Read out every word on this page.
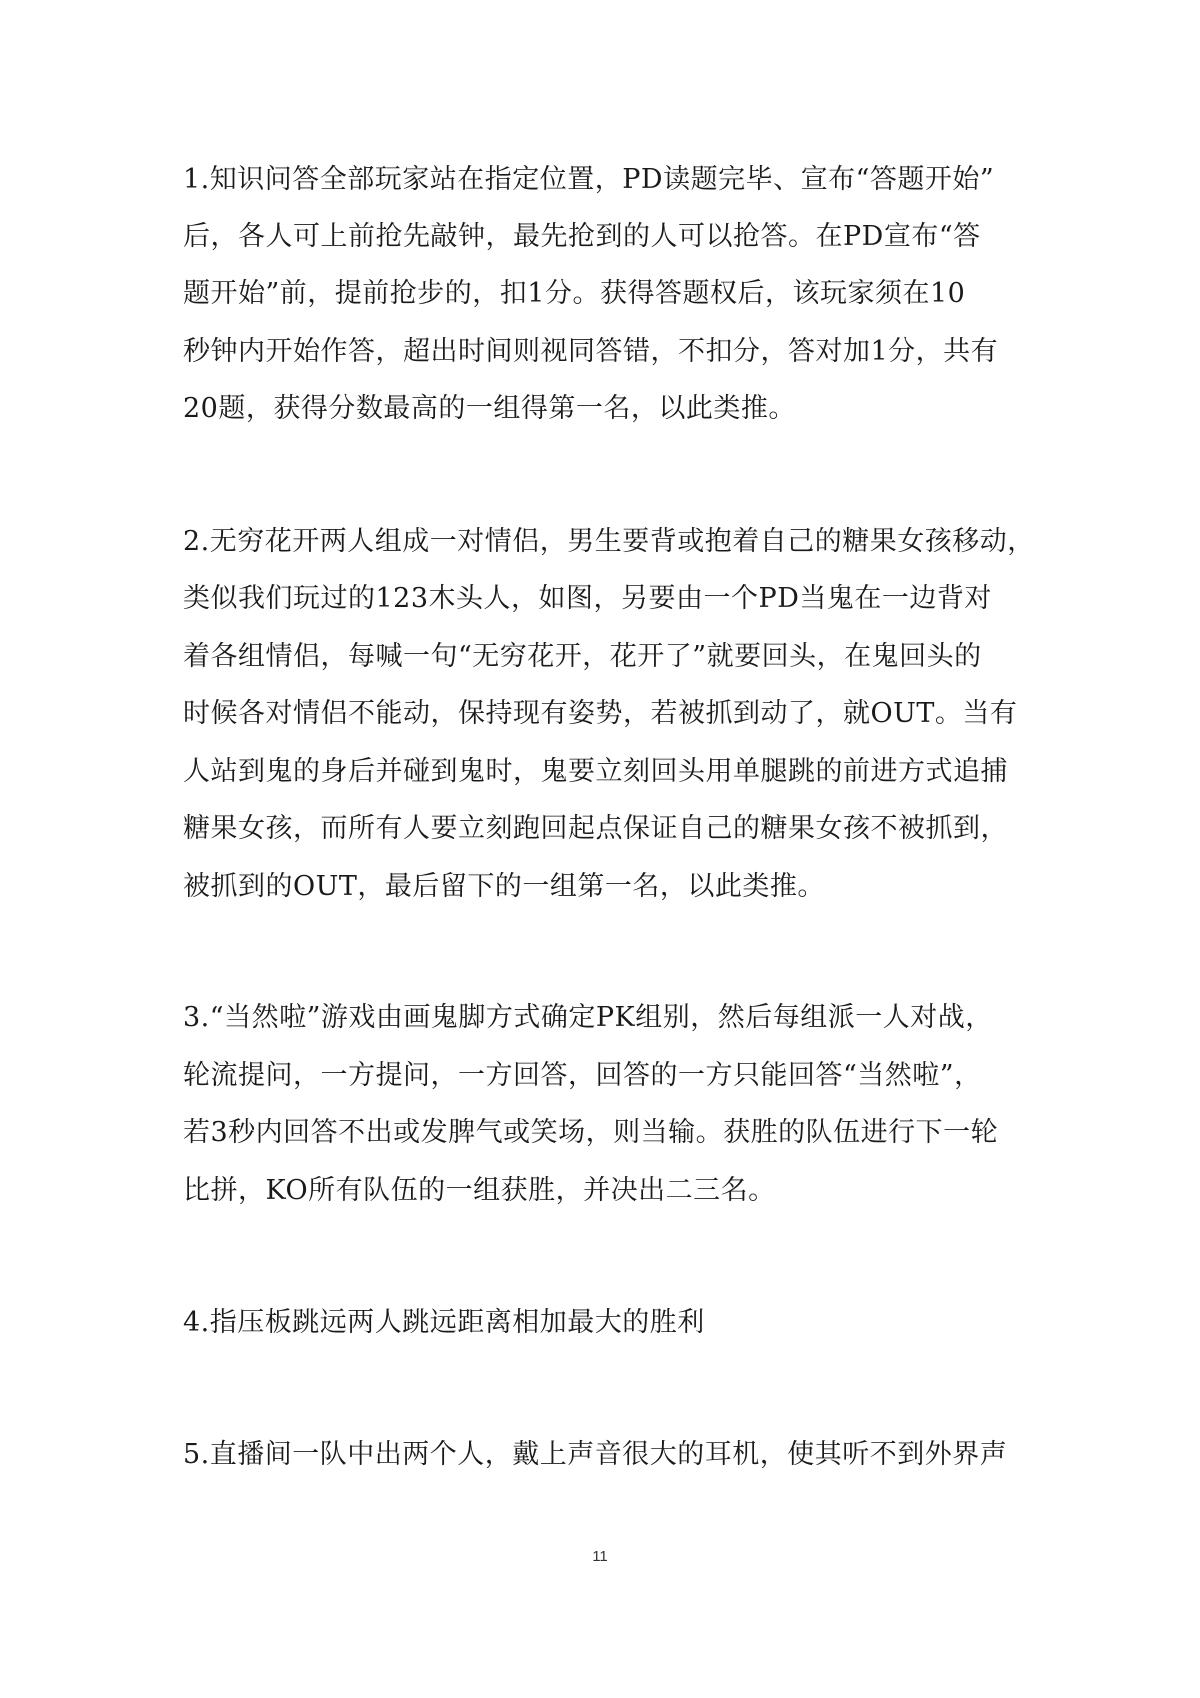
1.知识问答全部玩家站在指定位置，PD读题完毕、宣布“答题开始”
后，各人可上前抢先敲钟，最先抢到的人可以抢答。在PD宣布“答
题开始”前，提前抢步的，扣1分。获得答题权后，该玩家须在10
秒钟内开始作答，超出时间则视同答错，不扣分，答对加1分，共有
20题，获得分数最高的一组得第一名，以此类推。
2.无穷花开两人组成一对情侣，男生要背或抱着自己的糖果女孩移动，
类似我们玩过的123木头人，如图，另要由一个PD当鬼在一边背对
着各组情侣，每喊一句“无穷花开，花开了”就要回头，在鬼回头的
时候各对情侣不能动，保持现有姿势，若被抓到动了，就OUT。当有
人站到鬼的身后并碰到鬼时，鬼要立刻回头用单腿跳的前进方式追捕
糖果女孩，而所有人要立刻跑回起点保证自己的糖果女孩不被抓到，
被抓到的OUT，最后留下的一组第一名，以此类推。
3.“当然啦”游戏由画鬼脚方式确定PK组别，然后每组派一人对战，
轮流提问，一方提问，一方回答，回答的一方只能回答“当然啦”，
若3秒内回答不出或发脾气或笑场，则当输。获胜的队伍进行下一轮
比拼，KO所有队伍的一组获胜，并决出二三名。
4.指压板跳远两人跳远距离相加最大的胜利
5.直播间一队中出两个人，戴上声音很大的耳机，使其听不到外界声
11
